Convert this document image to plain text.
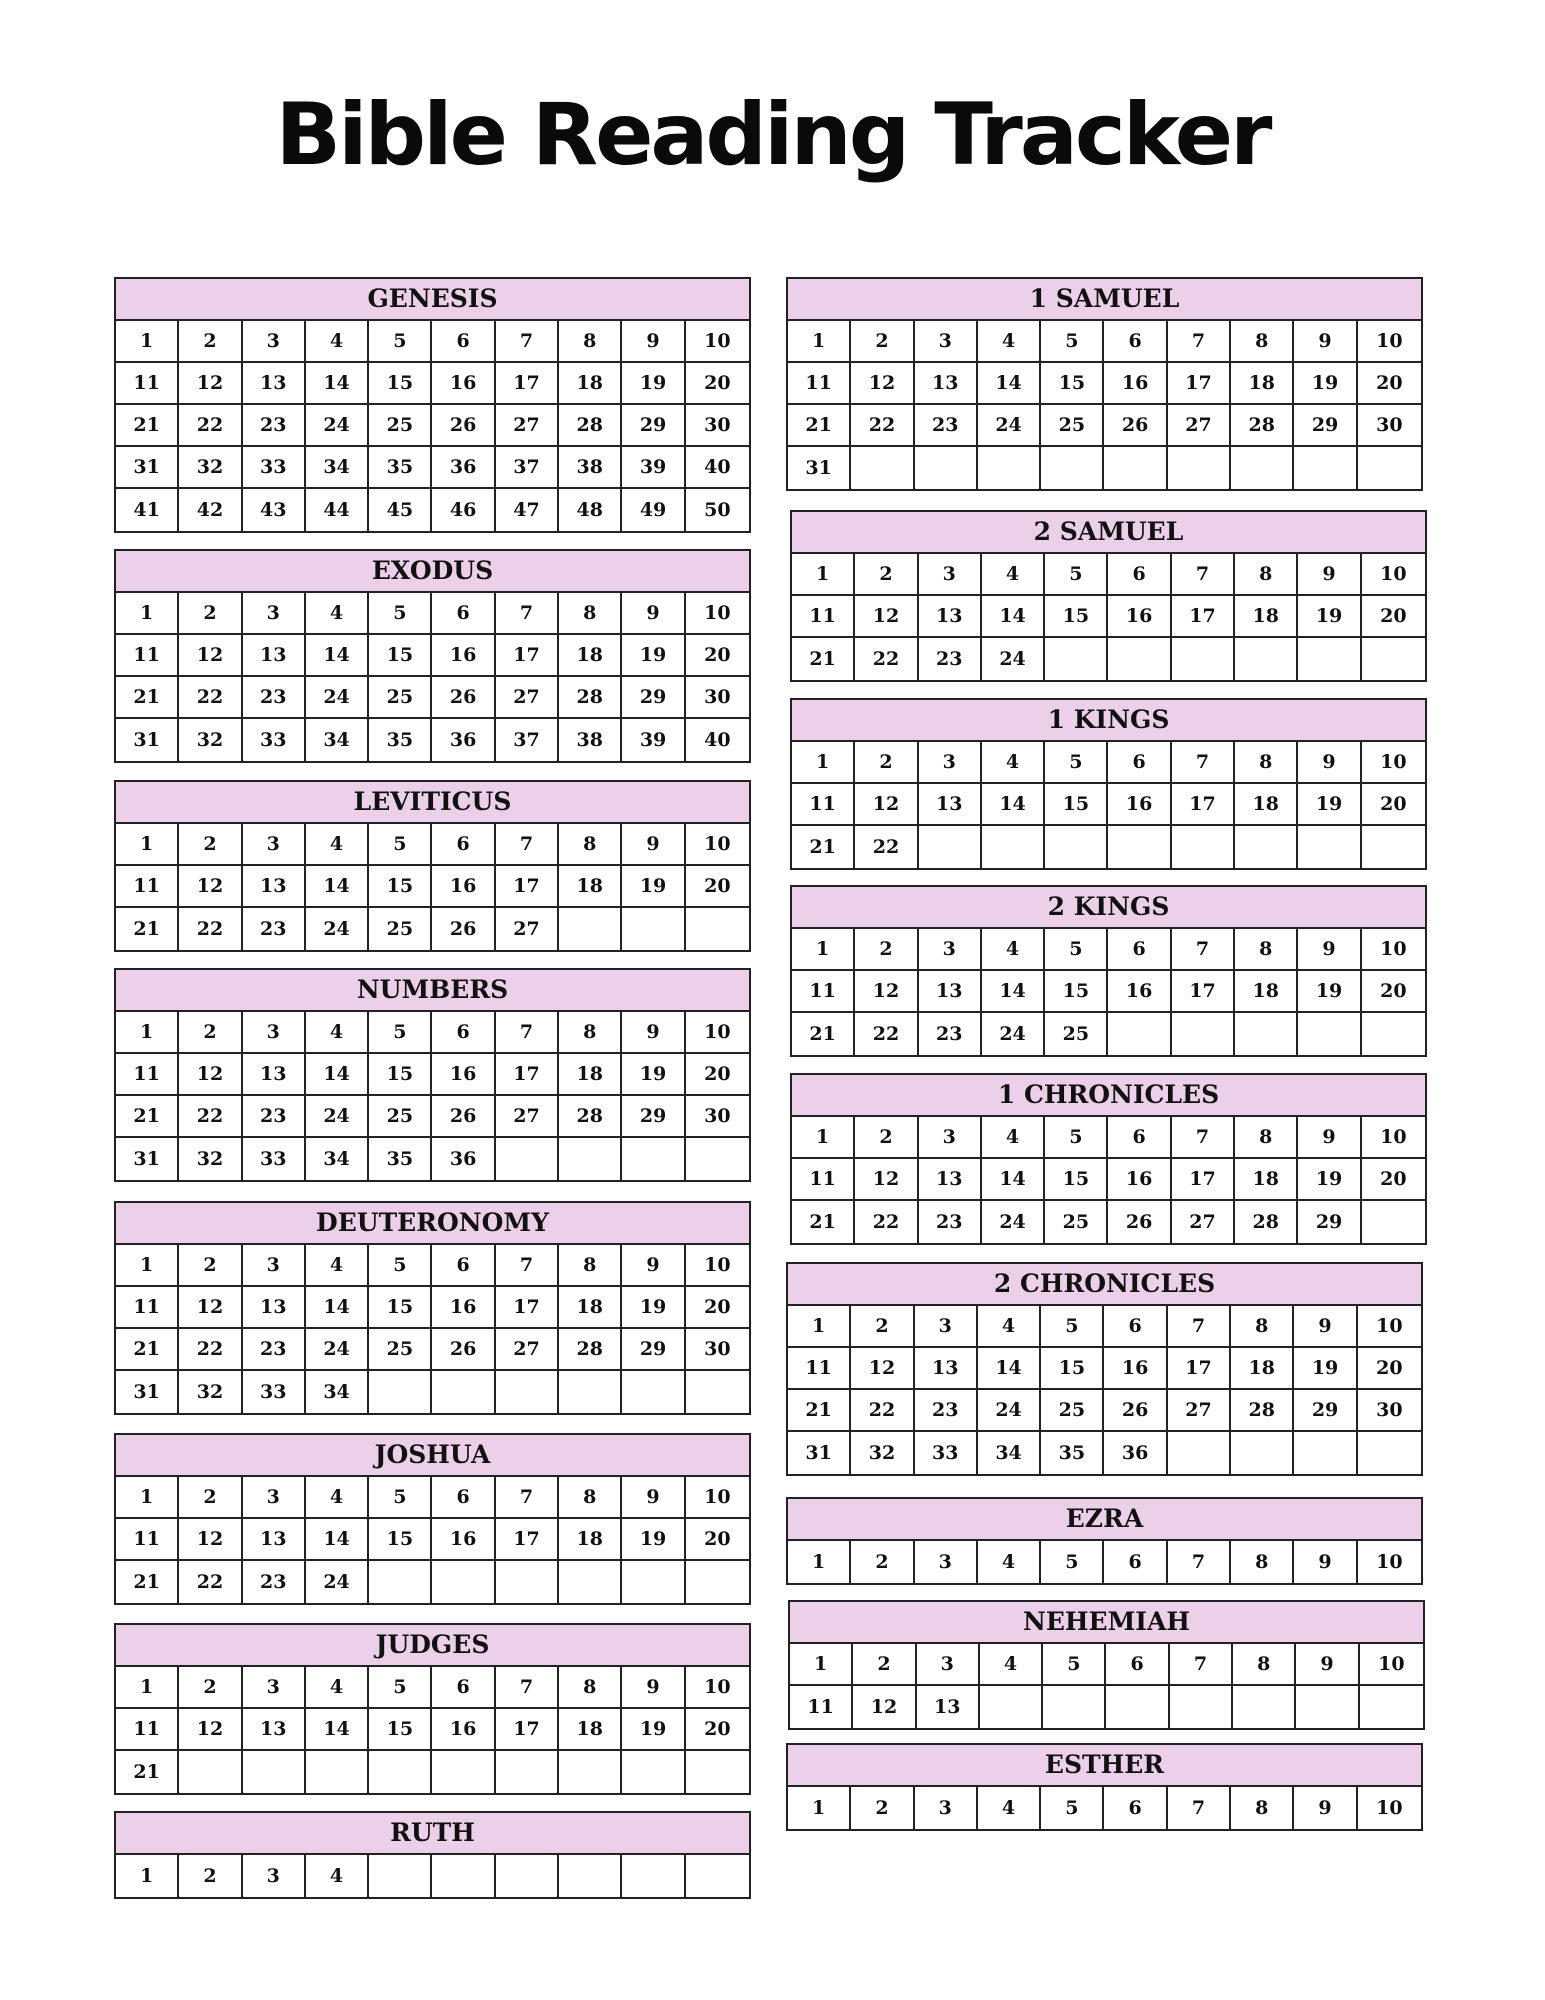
Bible Reading Tracker
GENESIS
1	2	3	4	5	6	7	8	9	10
11	12	13	14	15	16	17	18	19	20
21	22	23	24	25	26	27	28	29	30
31	32	33	34	35	36	37	38	39	40
41	42	43	44	45	46	47	48	49	50
EXODUS
1	2	3	4	5	6	7	8	9	10
11	12	13	14	15	16	17	18	19	20
21	22	23	24	25	26	27	28	29	30
31	32	33	34	35	36	37	38	39	40
LEVITICUS
1	2	3	4	5	6	7	8	9	10
11	12	13	14	15	16	17	18	19	20
21	22	23	24	25	26	27
NUMBERS
1	2	3	4	5	6	7	8	9	10
11	12	13	14	15	16	17	18	19	20
21	22	23	24	25	26	27	28	29	30
31	32	33	34	35	36
DEUTERONOMY
1	2	3	4	5	6	7	8	9	10
11	12	13	14	15	16	17	18	19	20
21	22	23	24	25	26	27	28	29	30
31	32	33	34
JOSHUA
1	2	3	4	5	6	7	8	9	10
11	12	13	14	15	16	17	18	19	20
21	22	23	24
JUDGES
1	2	3	4	5	6	7	8	9	10
11	12	13	14	15	16	17	18	19	20
21
RUTH
1	2	3	4
1 SAMUEL
1	2	3	4	5	6	7	8	9	10
11	12	13	14	15	16	17	18	19	20
21	22	23	24	25	26	27	28	29	30
31
2 SAMUEL
1	2	3	4	5	6	7	8	9	10
11	12	13	14	15	16	17	18	19	20
21	22	23	24
1 KINGS
1	2	3	4	5	6	7	8	9	10
11	12	13	14	15	16	17	18	19	20
21	22
2 KINGS
1	2	3	4	5	6	7	8	9	10
11	12	13	14	15	16	17	18	19	20
21	22	23	24	25
1 CHRONICLES
1	2	3	4	5	6	7	8	9	10
11	12	13	14	15	16	17	18	19	20
21	22	23	24	25	26	27	28	29
2 CHRONICLES
1	2	3	4	5	6	7	8	9	10
11	12	13	14	15	16	17	18	19	20
21	22	23	24	25	26	27	28	29	30
31	32	33	34	35	36
EZRA
1	2	3	4	5	6	7	8	9	10
NEHEMIAH
1	2	3	4	5	6	7	8	9	10
11	12	13
ESTHER
1	2	3	4	5	6	7	8	9	10
